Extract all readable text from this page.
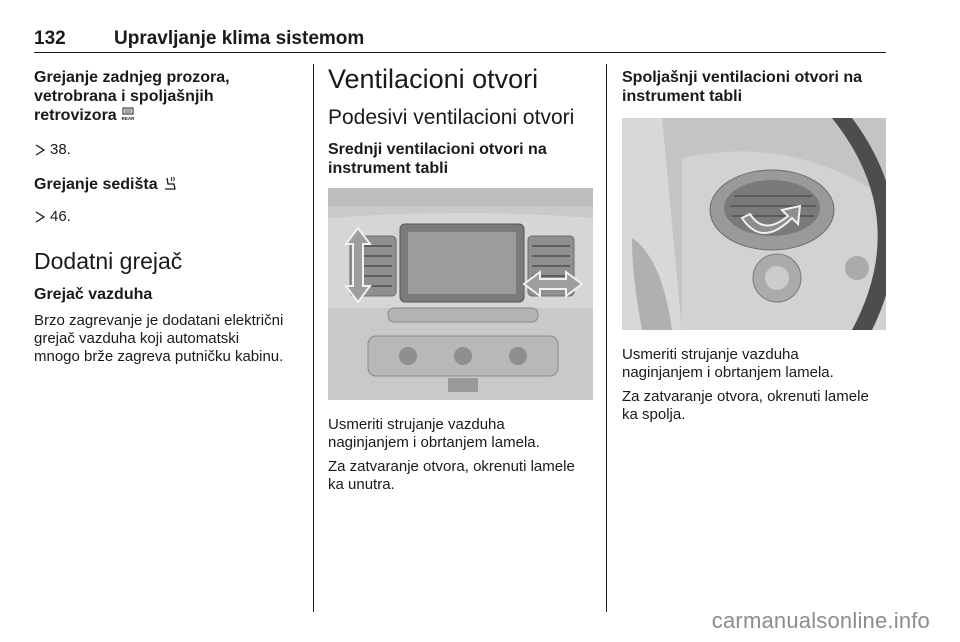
132	Upravljanje klima sistemom
Grejanje zadnjeg prozora,
vetrobrana i spoljašnjih
retrovizora REAR

38.

Grejanje sedišta

46.

Dodatni grejač
Grejač vazduha

Brzo zagrevanje je dodatani električni
grejač vazduha koji automatski
mnogo brže zagreva putničku kabinu.

Ventilacioni otvori
Podesivi ventilacioni otvori
Srednji ventilacioni otvori na
instrument tabli

Usmeriti strujanje vazduha
naginjanjem i obrtanjem lamela.

Za zatvaranje otvora, okrenuti lamele
ka unutra.

Spoljašnji ventilacioni otvori na
instrument tabli

Usmeriti strujanje vazduha
naginjanjem i obrtanjem lamela.

Za zatvaranje otvora, okrenuti lamele
ka spolja.

carmanualsonline.info
